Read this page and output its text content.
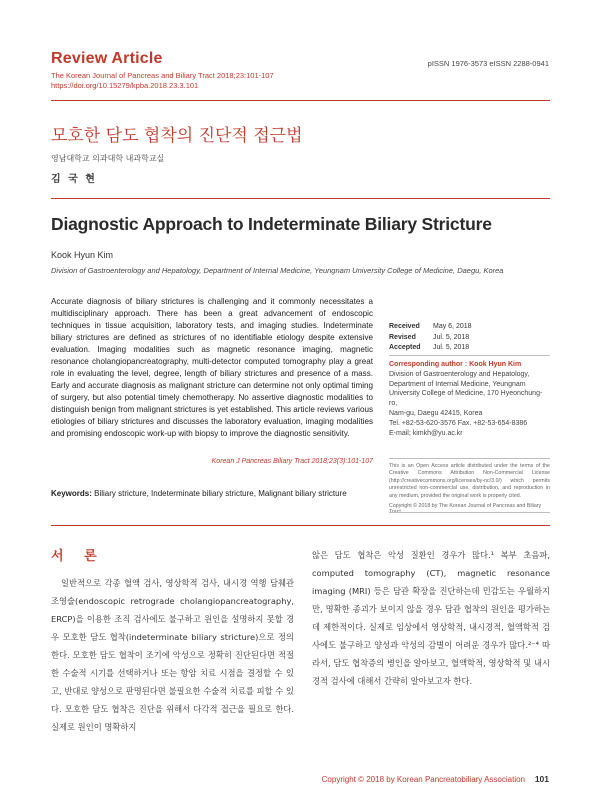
Review Article
The Korean Journal of Pancreas and Biliary Tract 2018;23:101-107
https://doi.org/10.15279/kpba.2018.23.3.101
pISSN 1976-3573 eISSN 2288-0941
모호한 담도 협착의 진단적 접근법
영남대학교 의과대학 내과학교실
김 국 현
Diagnostic Approach to Indeterminate Biliary Stricture
Kook Hyun Kim
Division of Gastroenterology and Hepatology, Department of Internal Medicine, Yeungnam University College of Medicine, Daegu, Korea
Accurate diagnosis of biliary strictures is challenging and it commonly necessitates a multidisciplinary approach. There has been a great advancement of endoscopic techniques in tissue acquisition, laboratory tests, and imaging studies. Indeterminate biliary strictures are defined as strictures of no identifiable etiology despite extensive evaluation. Imaging modalities such as magnetic resonance imaging, magnetic resonance cholangiopancreatography, multi-detector computed tomography play a great role in evaluating the level, degree, length of biliary strictures and presence of a mass. Early and accurate diagnosis as malignant stricture can determine not only optimal timing of surgery, but also potential timely chemotherapy. No assertive diagnostic modalities to distinguish benign from malignant strictures is yet established. This article reviews various etiologies of biliary strictures and discusses the laboratory evaluation, imaging modalities and promising endoscopic work-up with biopsy to improve the diagnostic sensitivity.
Korean J Pancreas Biliary Tract 2018;23(3):101-107
Keywords: Biliary stricture, Indeterminate biliary stricture, Malignant biliary stricture
Received	May 6, 2018
Revised	Jul. 5, 2018
Accepted	Jul. 5, 2018
Corresponding author : Kook Hyun Kim
Division of Gastroenterology and Hepatology,
Department of Internal Medicine, Yeungnam
University College of Medicine, 170 Hyeonchung-ro,
Nam-gu, Daegu 42415, Korea
Tel. +82-53-620-3576 Fax. +82-53-654-8386
E-mail; kimkh@yu.ac.kr
This is an Open Access article distributed under the terms of the Creative Commons Attribution Non-Commercial License (http://creativecommons.org/licenses/by-nc/3.0/) which permits unrestricted non-commercial use, distribution, and reproduction in any medium, provided the original work is properly cited.
Copyright © 2018 by The Korean Journal of Pancreas and Biliary
서 론
일반적으로 각종 혈액 검사, 영상학적 검사, 내시경 역행 담췌관 조영술(endoscopic retrograde cholangiopancreatography, ERCP)을 이용한 조직 검사에도 불구하고 원인을 설명하지 못할 경우 모호한 담도 협착(indeterminate biliary stricture)으로 정의한다. 모호한 담도 협착이 조기에 악성으로 정확히 진단된다면 적절한 수술적 시기를 선택하거나 또는 항암 치료 시점을 결정할 수 있고, 반대로 양성으로 판명된다면 불필요한 수술적 치료를 피할 수 있다. 모호한 담도 협착은 진단을 위해서 다각적 접근을 필요로 한다. 실제로 원인이 명확하지
않은 담도 협착은 악성 질환인 경우가 많다.¹ 복부 초음파, computed tomography (CT), magnetic resonance imaging (MRI) 등은 담관 확장을 진단하는데 민감도는 우월하지만, 명확한 종괴가 보이지 않을 경우 담관 협착의 원인을 평가하는데 제한적이다. 실제로 임상에서 영상학적, 내시경적, 혈액학적 검사에도 불구하고 양성과 악성의 감별이 어려운 경우가 많다.²⁻⁴ 따라서, 담도 협착증의 병인을 알아보고, 혈액학적, 영상학적 및 내시경적 검사에 대해서 간략히 알아보고자 한다.
Copyright © 2018 by Korean Pancreatobiliary Association 101
